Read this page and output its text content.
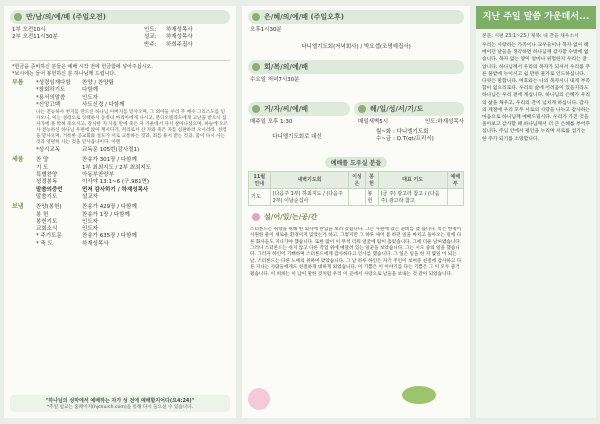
만/남/의/예/배 (주일오전)
1부 오전10시
2부 오전11시30분
인도:	하재성목사
설교:	하재성목사
반주:	하희주집사
*헌금을 준비하신 분들은 예배 시작 전에 헌금함에 넣어주십시오.
*보시에는 들어 봉헌하신 분 하나님께 드립니다.
부름	*성령임재다함	찬양 / 찬양팀
*참회하기도	다함께
*용서의말씀	인도자
*신앙고백	사도신경 / 다함께
나는 전능하사 천지를 만드신 하나님 아버지를 믿사오며, 그 외아들 우리 주 예수 그리스도를 믿사오니, 이는 성령으로 잉태하사 동정녀 마리아에게 나시고, 본디오빌라도에게 고난을 받으사 십자가에 못 박혀 죽으시고, 장사한 지 사흘 만에 죽은 자 가운데서 다시 살아나셨으며, 하늘에 오르사 전능하신 하나님 우편에 앉아 계시다가, 저리로서 산 자와 죽은 자를 심판하러 오시리라. 성령을 믿사오며, 거룩한 공교회와 성도가 서로 교통하는 것과, 죄를 용서 받는 것과, 몸이 다시 사는 것과 영원히 사는 것을 믿사옵나이다. 아멘
*성시교독	교독문 105번(감사절1)
세움	찬 양	찬송가 301장 / 다함께
기 도	1부 최최지도 / 2부 최최지도
특별찬양	아동부찬양부
성경봉독	이사야 13:1~6 (구.981면)
말씀의증언	먼저 감사하기 / 하재성목사
말씀기도	설교자
보냄	찬양(봉헌)	찬송가 429장 / 다함께
봉 헌	찬송가 1장 / 다함께
봉헌기도	인도자
교회소식	인도자
* 주기도문	찬송가 635장 / 다함께
* 축 도	하재성목사
"하나님의 성막에서 예배하는 자가 성 전에 예배할지어다(요4:24)"
*주일 설교는 홈페이지(hjchurch.com)을 통해 다시 들으실 수 있습니다.
은/혜/의/예/배 (주일오후)
오후1시30분
다니엘기도회(저녁회사) / 박요셉(조명예집사)
회/복/의/예/배
수요일 저녁7시30분
거/자/씨/예/배
매주일 오후 1:30
다니엘기도회로 대신
해/일/성/서/기/도
매일새벽5시	인도:하재성목사
월~화 : 다니엘기도회
수~금 : Q.T(qt/프리서)
예배를 도우실 분들
11월안내	새벽기도회	이성은	봉헌	대표 기도	예배부
기도	(다음주 1부) 하최지도 / (다음주 2부) 이남순집사		봉헌	(금 주) 광고라 참고 / (다음주) 광고라 참고	
설/어/있/는/공/간
스터론드는 취향을 위해 한 회사에 반입을 보러 갔습니다. 그는 사원에 갔는 준비를 했 습니다. 복은 한명이 시원한 물이 새로운 환경이지 않았는가 하고, 그렇지만 그 하루 새어 몸 하던 일을 마치고 돌아오는 길에 다른 화사들도 지나가야 했습니다. 또한 많이 이 무척 더워 얼굴에 땀이 흘렀습니다. 그에 더운 날씨였습니다. 그러나 스터론드는 쉬지 않고 다른 작업 위에 매달려 있는 일꾼을 보았습니다. 그는 시도 중의 일을 했습니다. 그러자 하인이 기뻐하며 스터론드에게 감사하다고 인사를 했습니다. 그 일은 일을 한 지 몇일 이 되는 날, 스터론드는 다른 노예의 위하여 맞았습니다. 그 날 하루 하인은 자기 주인이 보여준 친절에 감사하고 다른 지나는 사람들에게도 친절하게 대하게 되었습니다. 이 기쁨은 이 이야기를 다는 기쁨은 그 이 모두 즐거웠습니다. 이 희희는 이 남이 말한 것처럼 우리 이 곳에서 사랑으로 날들을 보내는 것 같이 되었습니다.
지난 주일 말씀 가운데서...
본문: 시편 23:1~23 / 제목: 내 잔을 채우소서
우리는 사랑하는 가족이나 교우들이나 목자 없이 헤매이던 날들을 생각하면 하나님께 감사할 수밖에 없습니다. 목자 없는 양이 얼마나 위험한지 우리는 잘 압니다. 하나님께서 우리의 목자가 되셔서 우리를 푸른 풀밭에 누이시고 쉴 만한 물가로 인도하십니다. 다윗은 말합니다. 여호와는 나의 목자시니 내게 부족함이 없으리로다. 우리의 삶에 어려움이 있을지라도 하나님은 우리 곁에 계십니다. 하나님의 은혜가 우리의 삶을 채우고, 우리의 잔이 넘치게 하십니다. 감사의 계절에 우리 모두 서로의 사랑을 나누고 감사하는 마음으로 하나님께 예배드립시다. 우리가 가진 것을 돌아보고 감사할 때 하나님께서 더 큰 은혜를 부어주십니다. 주님 안에서 평안을 누리며 서로를 섬기는 한 주가 되기를 소망합니다.
